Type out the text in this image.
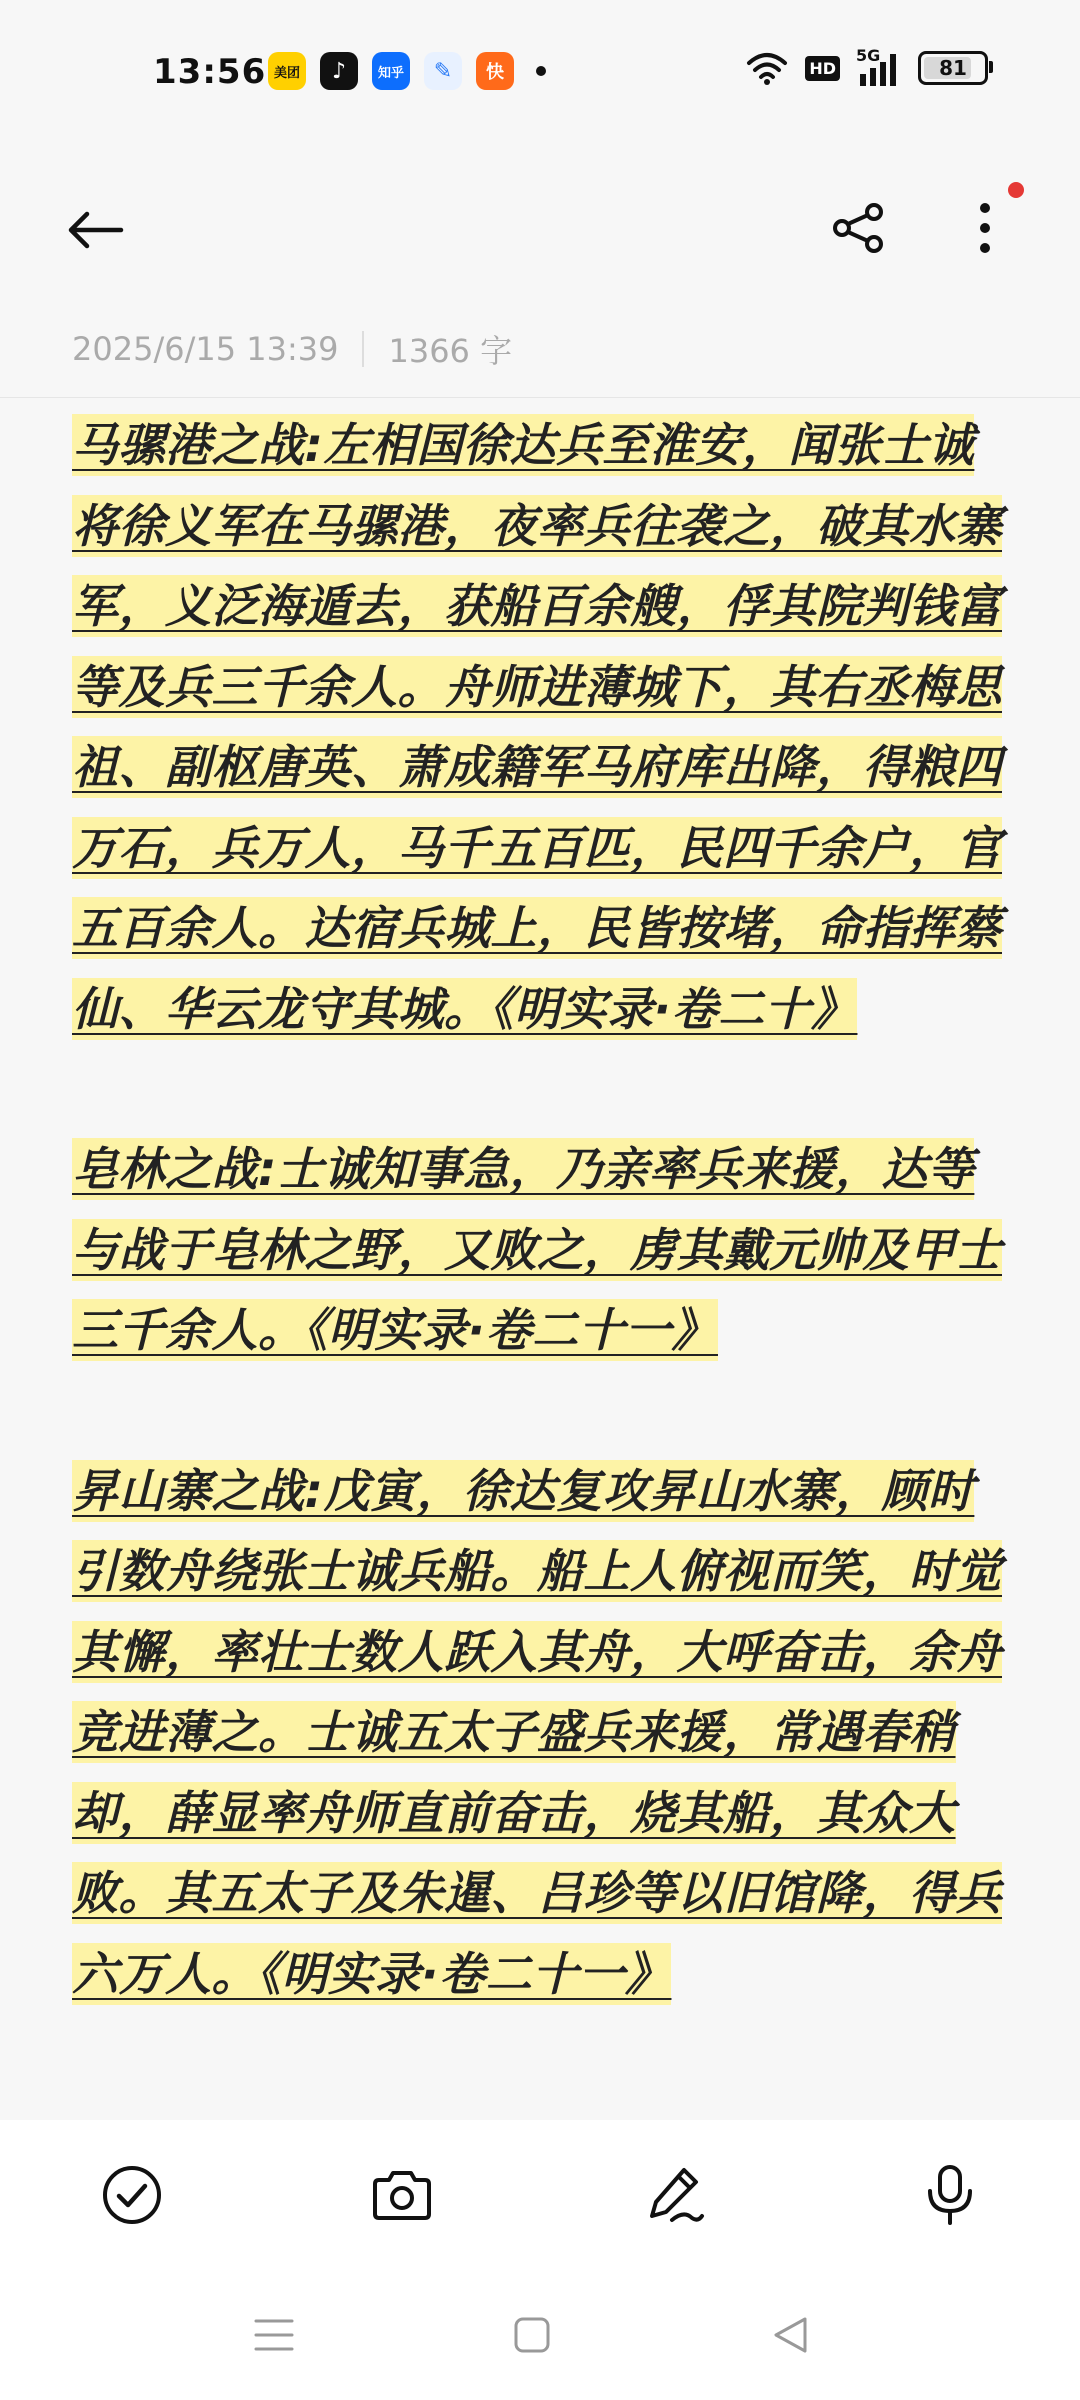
13:56 美团 ♪ 知乎 ✎ 快	HD
5G
81
2025/6/15 13:39 1366 字

马骡港之战:左相国徐达兵至淮安，闻张士诚将徐义军在马骡港，夜率兵往袭之，破其水寨军，义泛海遁去，获船百余艘，俘其院判钱富等及兵三千余人。舟师进薄城下，其右丞梅思祖、副枢唐英、萧成籍军马府库出降，得粮四万石，兵万人，马千五百匹，民四千余户，官五百余人。达宿兵城上，民皆按堵，命指挥蔡仙、华云龙守其城。《明实录·卷二十》

皂林之战:士诚知事急，乃亲率兵来援，达等与战于皂林之野，又败之，虏其戴元帅及甲士三千余人。《明实录·卷二十一》

昇山寨之战:戊寅，徐达复攻昇山水寨，顾时引数舟绕张士诚兵船。船上人俯视而笑，时觉其懈，率壮士数人跃入其舟，大呼奋击，余舟竞进薄之。士诚五太子盛兵来援，常遇春稍却，薛显率舟师直前奋击，烧其船，其众大败。其五太子及朱暹、吕珍等以旧馆降，得兵六万人。《明实录·卷二十一》
